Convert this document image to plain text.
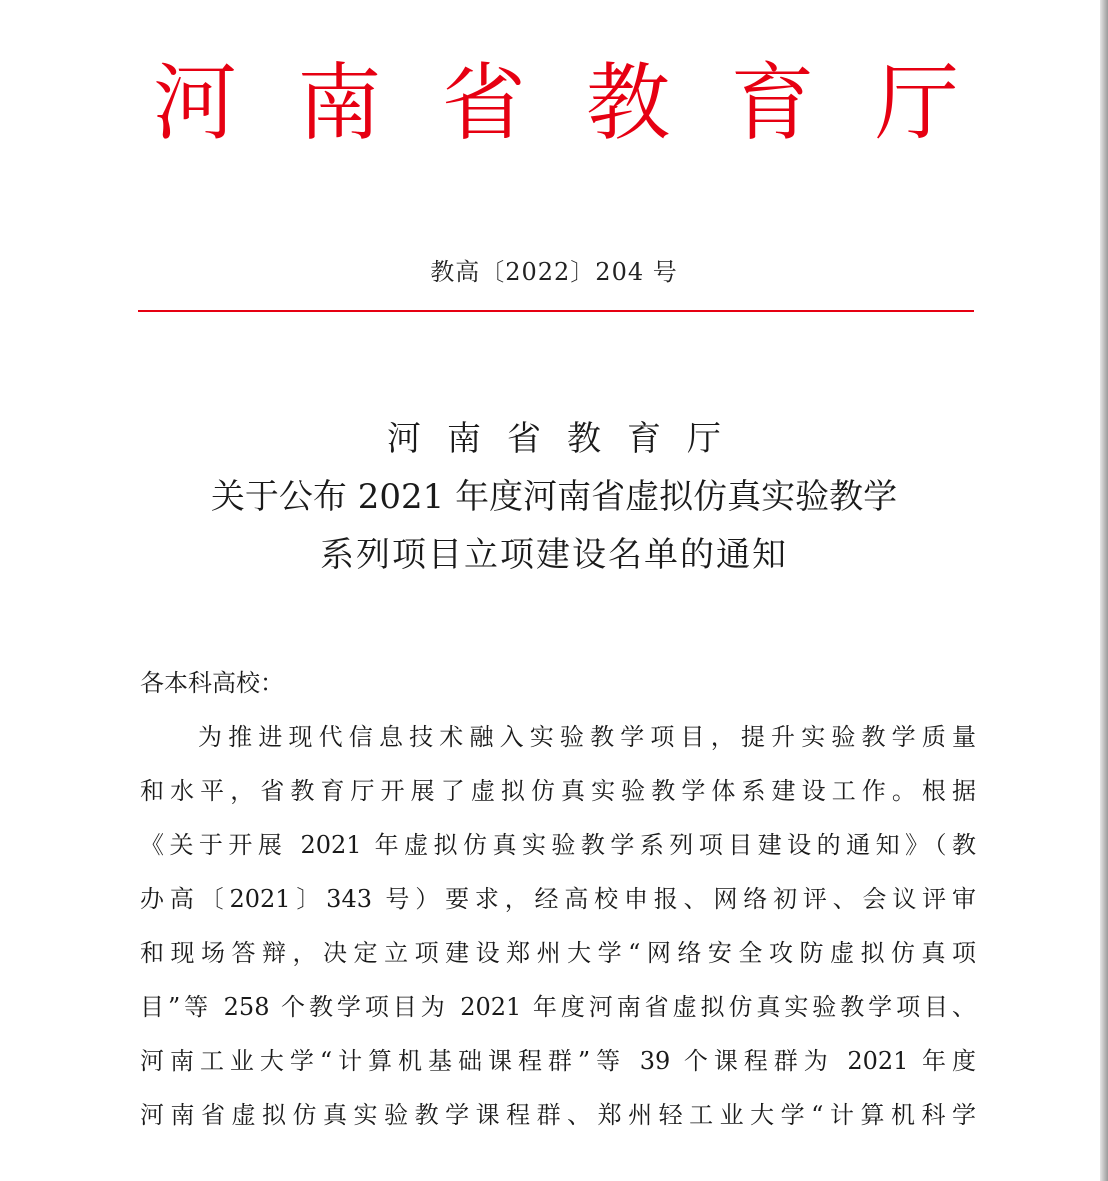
河 南 省 教 育 厅
教高〔2022〕204 号
河南省教育厅
关于公布 2021 年度河南省虚拟仿真实验教学
系列项目立项建设名单的通知

各本科高校：

为推进现代信息技术融入实验教学项目，提升实验教学质量

和水平，省教育厅开展了虚拟仿真实验教学体系建设工作。根据

《关于开展 2021 年虚拟仿真实验教学系列项目建设的通知》（教

办高〔2021〕343 号）要求，经高校申报、网络初评、会议评审

和现场答辩，决定立项建设郑州大学“网络安全攻防虚拟仿真项

目”等 258 个教学项目为 2021 年度河南省虚拟仿真实验教学项目、

河南工业大学“计算机基础课程群”等 39 个课程群为 2021 年度

河南省虚拟仿真实验教学课程群、郑州轻工业大学“计算机科学
